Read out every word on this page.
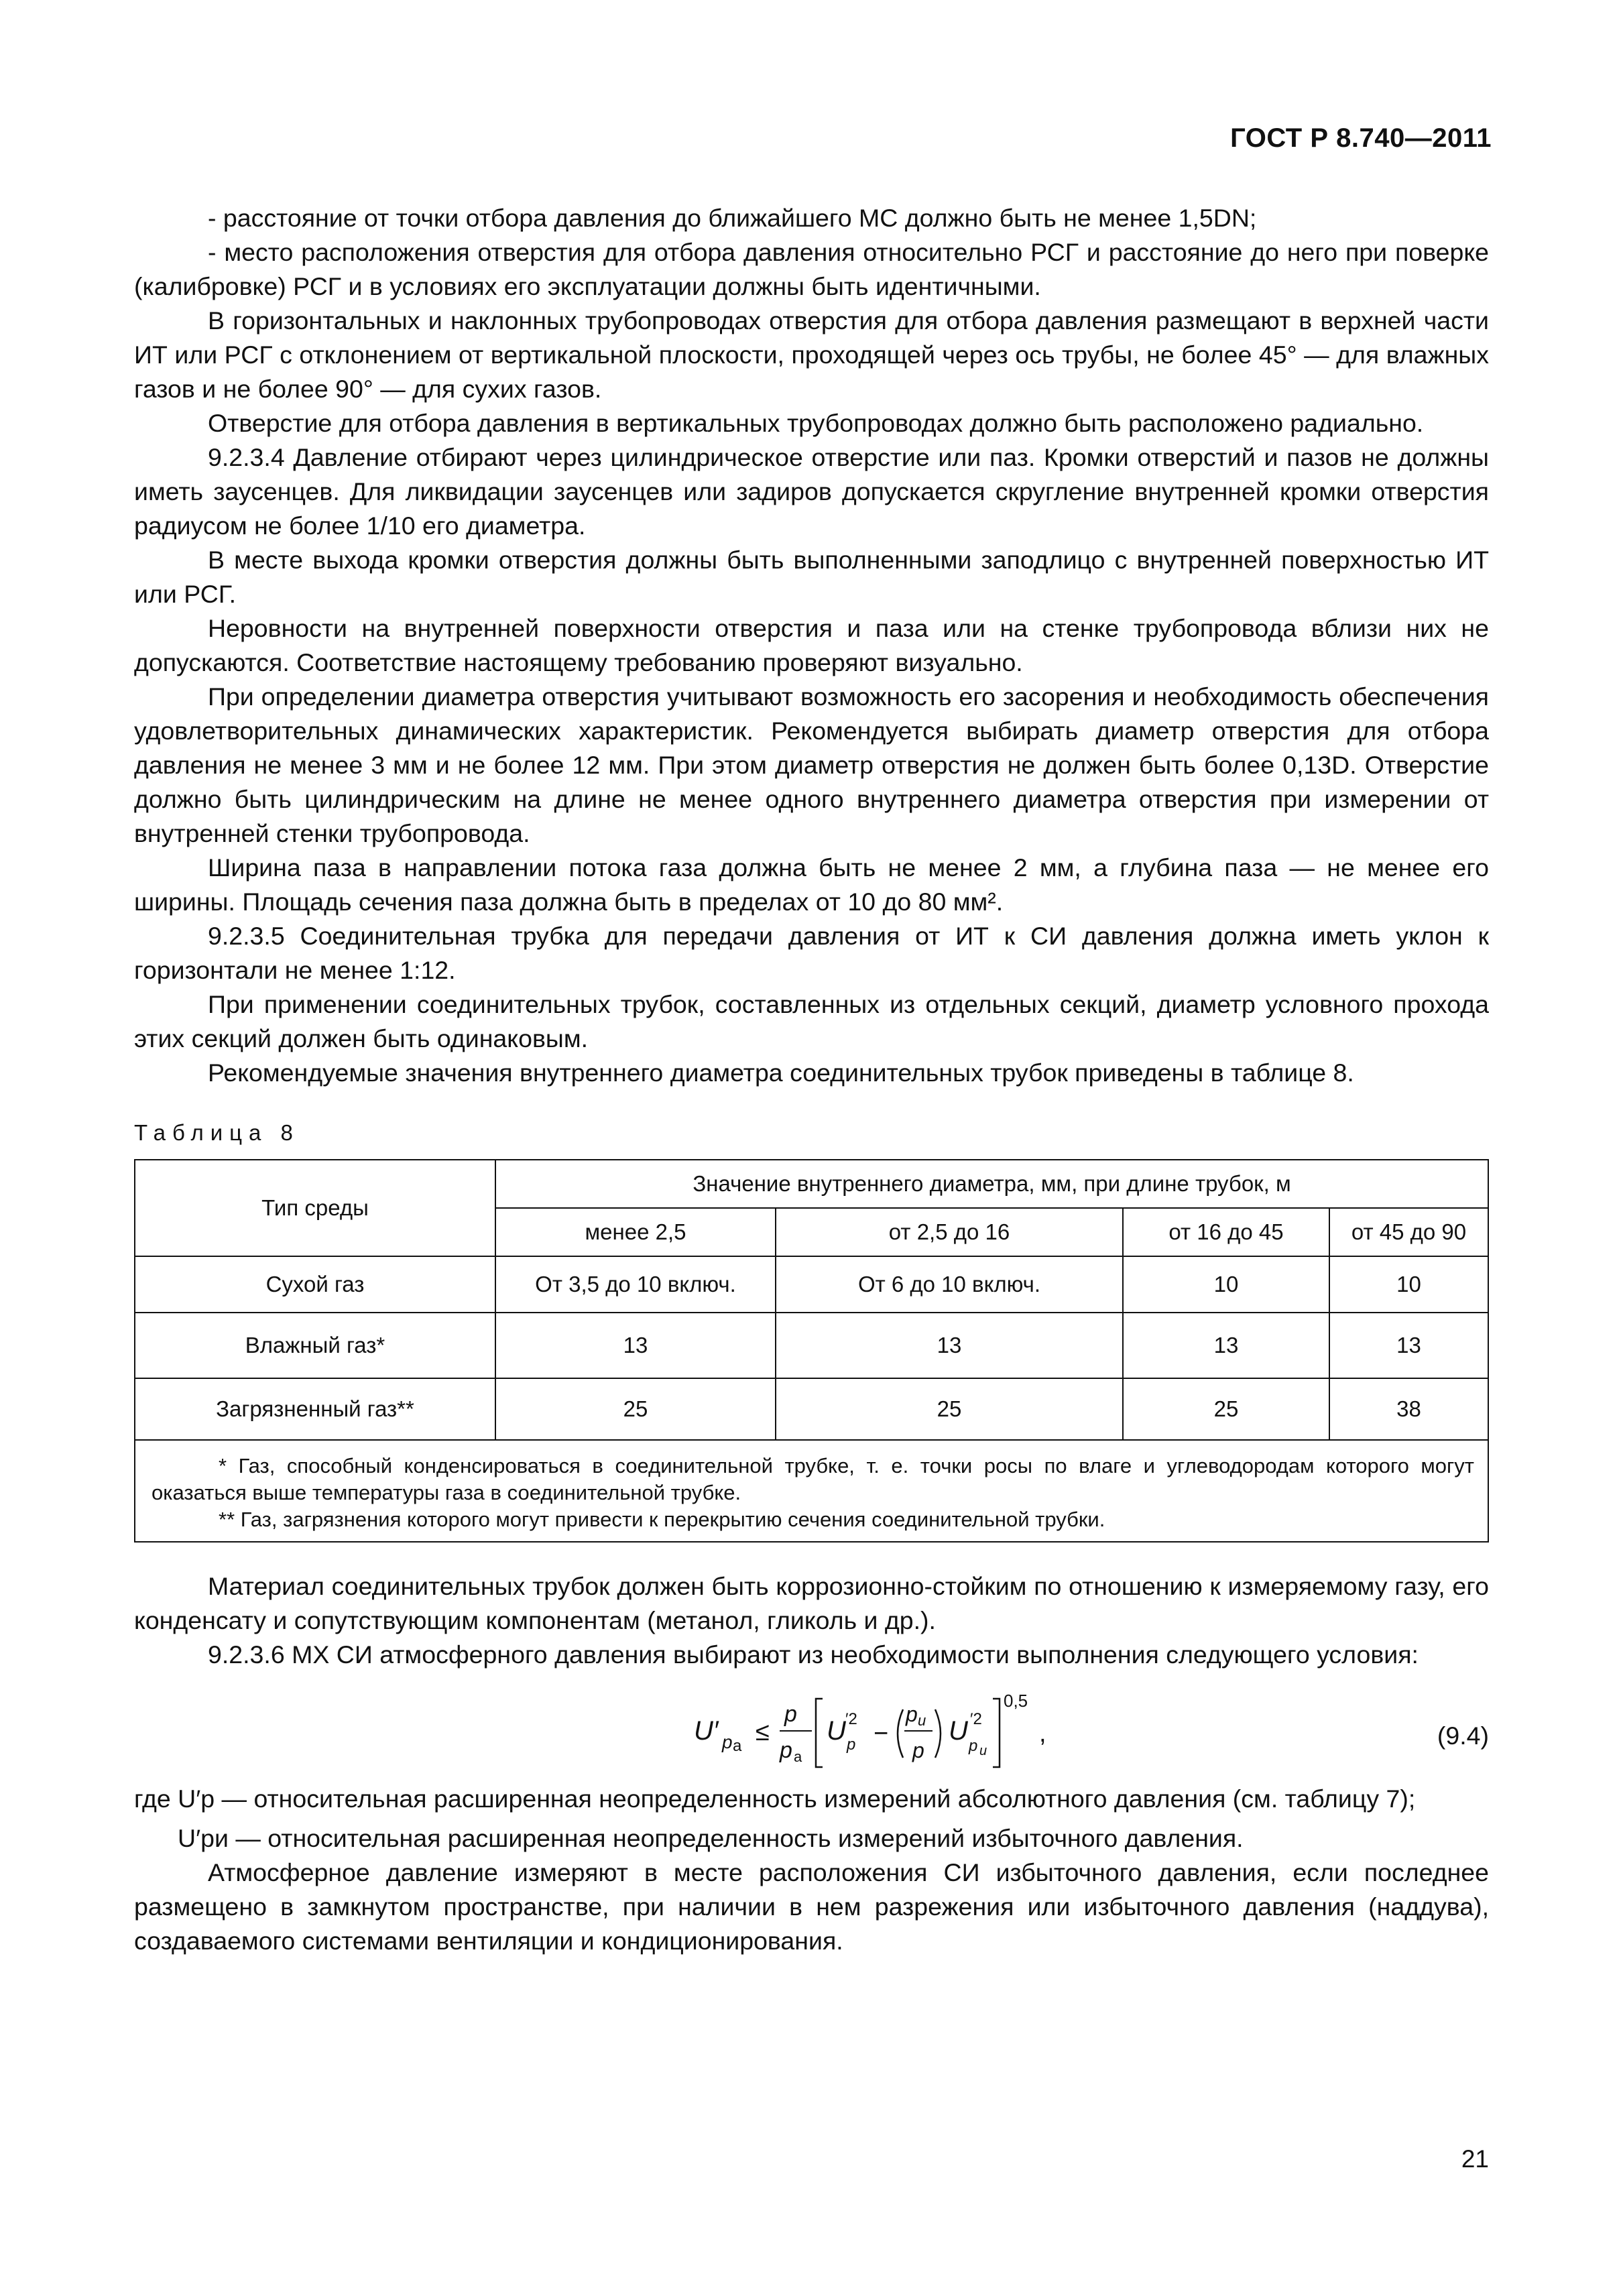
ГОСТ Р 8.740—2011

- расстояние от точки отбора давления до ближайшего МС должно быть не менее 1,5DN;

- место расположения отверстия для отбора давления относительно РСГ и расстояние до него при поверке (калибровке) РСГ и в условиях его эксплуатации должны быть идентичными.

В горизонтальных и наклонных трубопроводах отверстия для отбора давления размещают в верхней части ИТ или РСГ с отклонением от вертикальной плоскости, проходящей через ось трубы, не более 45° — для влажных газов и не более 90° — для сухих газов.

Отверстие для отбора давления в вертикальных трубопроводах должно быть расположено радиально.

9.2.3.4 Давление отбирают через цилиндрическое отверстие или паз. Кромки отверстий и пазов не должны иметь заусенцев. Для ликвидации заусенцев или задиров допускается скругление внутренней кромки отверстия радиусом не более 1/10 его диаметра.

В месте выхода кромки отверстия должны быть выполненными заподлицо с внутренней поверхностью ИТ или РСГ.

Неровности на внутренней поверхности отверстия и паза или на стенке трубопровода вблизи них не допускаются. Соответствие настоящему требованию проверяют визуально.

При определении диаметра отверстия учитывают возможность его засорения и необходимость обеспечения удовлетворительных динамических характеристик. Рекомендуется выбирать диаметр отверстия для отбора давления не менее 3 мм и не более 12 мм. При этом диаметр отверстия не должен быть более 0,13D. Отверстие должно быть цилиндрическим на длине не менее одного внутреннего диаметра отверстия при измерении от внутренней стенки трубопровода.

Ширина паза в направлении потока газа должна быть не менее 2 мм, а глубина паза — не менее его ширины. Площадь сечения паза должна быть в пределах от 10 до 80 мм².

9.2.3.5 Соединительная трубка для передачи давления от ИТ к СИ давления должна иметь уклон к горизонтали не менее 1:12.

При применении соединительных трубок, составленных из отдельных секций, диаметр условного прохода этих секций должен быть одинаковым.

Рекомендуемые значения внутреннего диаметра соединительных трубок приведены в таблице 8.

Таблица 8
Тип среды	Значение внутреннего диаметра, мм, при длине трубок, м			
	менее 2,5	от 2,5 до 16	от 16 до 45	от 45 до 90
Сухой газ	От 3,5 до 10 включ.	От 6 до 10 включ.	10	10
Влажный газ*	13	13	13	13
Загрязненный газ**	25	25	25	38

* Газ, способный конденсироваться в соединительной трубке, т. е. точки росы по влаге и углеводородам которого могут оказаться выше температуры газа в соединительной трубке.
** Газ, загрязнения которого могут привести к перекрытию сечения соединительной трубки.				

Материал соединительных трубок должен быть коррозионно-стойким по отношению к измеряемому газу, его конденсату и сопутствующим компонентам (метанол, гликоль и др.).

9.2.3.6 МХ СИ атмосферного давления выбирают из необходимости выполнения следующего условия:

U′ p a ≤
p
p a
U ′2
p −
p и
p
U ′2
p и
0,5
,	(9.4)

где U′p — относительная расширенная неопределенность измерений абсолютного давления (см. таблицу 7);

U′pи — относительная расширенная неопределенность измерений избыточного давления.

Атмосферное давление измеряют в месте расположения СИ избыточного давления, если последнее размещено в замкнутом пространстве, при наличии в нем разрежения или избыточного давления (наддува), создаваемого системами вентиляции и кондиционирования.

21
